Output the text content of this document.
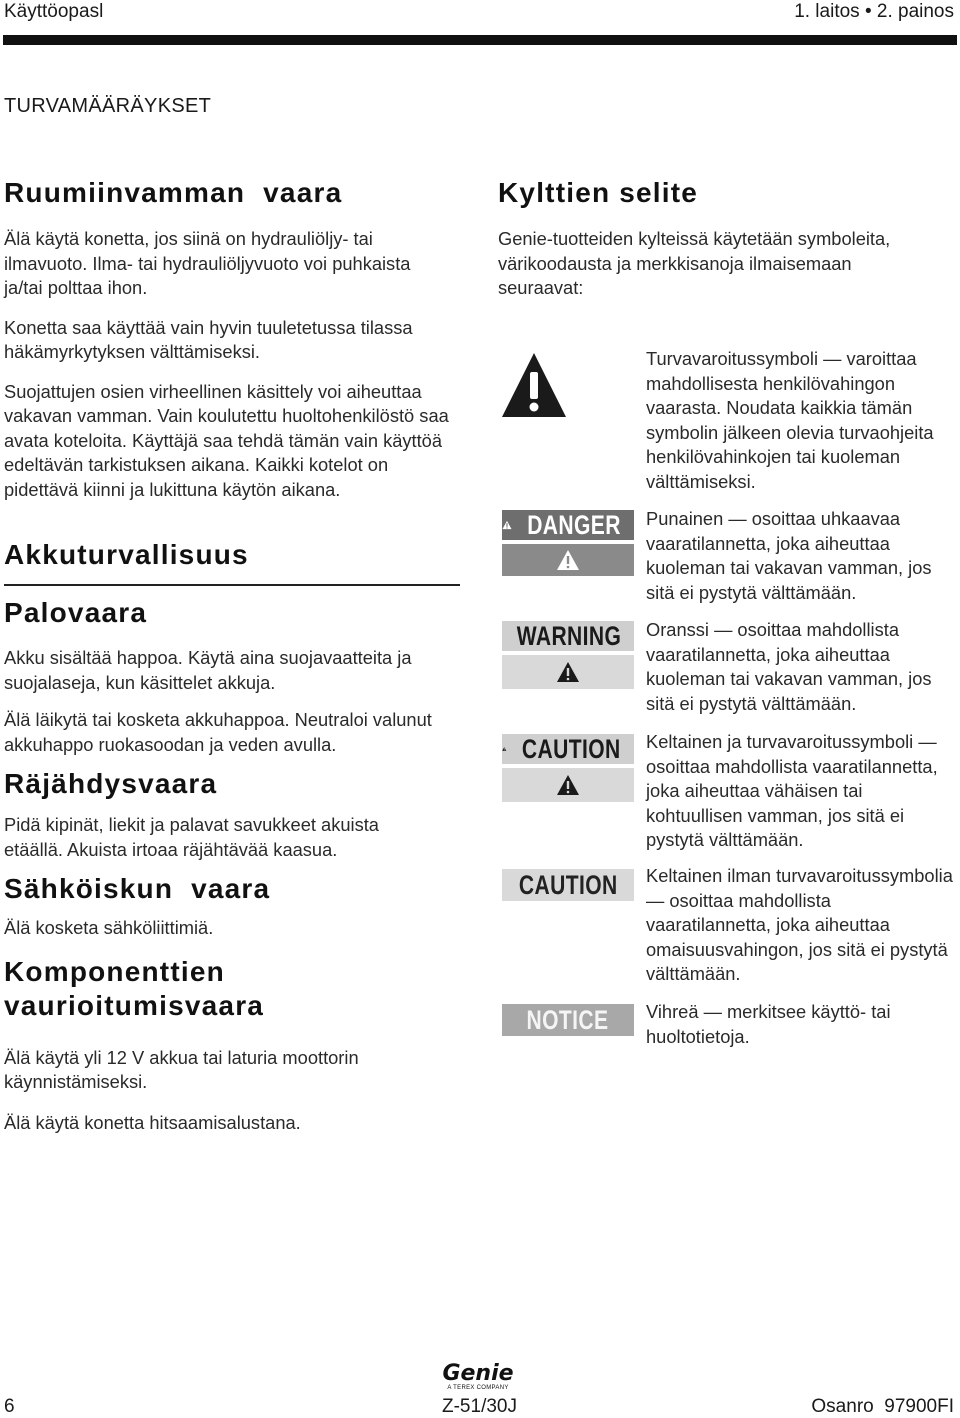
Käyttöopasl	1. laitos • 2. painos
TURVAMÄÄRÄYKSET
Ruumiinvamman  vaara

Älä käytä konetta, jos siinä on hydrauliöljy- tai ilmavuoto. Ilma- tai hydrauliöljyvuoto voi puhkaista ja/tai polttaa ihon.

Konetta saa käyttää vain hyvin tuuletetussa tilassa häkämyrkytyksen välttämiseksi.

Suojattujen osien virheellinen käsittely voi aiheuttaa vakavan vamman. Vain koulutettu huoltohenkilöstö saa avata koteloita. Käyttäjä saa tehdä tämän vain käyttöä edeltävän tarkistuksen aikana. Kaikki kotelot on pidettävä kiinni ja lukittuna käytön aikana.

Akkuturvallisuus
Palovaara

Akku sisältää happoa. Käytä aina suojavaatteita ja suojalaseja, kun käsittelet akkuja.

Älä läikytä tai kosketa akkuhappoa. Neutraloi valunut akkuhappo ruokasoodan ja veden avulla.

Räjähdysvaara

Pidä kipinät, liekit ja palavat savukkeet akuista etäällä. Akuista irtoaa räjähtävää kaasua.

Sähköiskun  vaara

Älä kosketa sähköliittimiä.

Komponenttien vaurioitumisvaara

Älä käytä yli 12 V akkua tai laturia moottorin käynnistämiseksi.

Älä käytä konetta hitsaamisalustana.

Kylttien selite

Genie-tuotteiden kylteissä käytetään symboleita, värikoodausta ja merkkisanoja ilmaisemaan seuraavat:

Turvavaroitussymboli — varoittaa mahdollisesta henkilövahingon vaarasta. Noudata kaikkia tämän symbolin jälkeen olevia turvaohjeita henkilövahinkojen tai kuoleman välttämiseksi.
DANGER Punainen — osoittaa uhkaavaa vaaratilannetta, joka aiheuttaa kuoleman tai vakavan vamman, jos sitä ei pystytä välttämään.
WARNING Oranssi — osoittaa mahdollista vaaratilannetta, joka aiheuttaa kuoleman tai vakavan vamman, jos sitä ei pystytä välttämään.
CAUTION Keltainen ja turvavaroitussymboli — osoittaa mahdollista vaaratilannetta, joka aiheuttaa vähäisen tai kohtuullisen vamman, jos sitä ei pystytä välttämään.
CAUTION Keltainen ilman turvavaroitussymbolia — osoittaa mahdollista vaaratilannetta, joka aiheuttaa omaisuusvahingon, jos sitä ei pystytä välttämään.
NOTICE Vihreä — merkitsee käyttö- tai huoltotietoja.
Genie
A TEREX COMPANY
6	Z-51/30J	Osanro  97900FI
